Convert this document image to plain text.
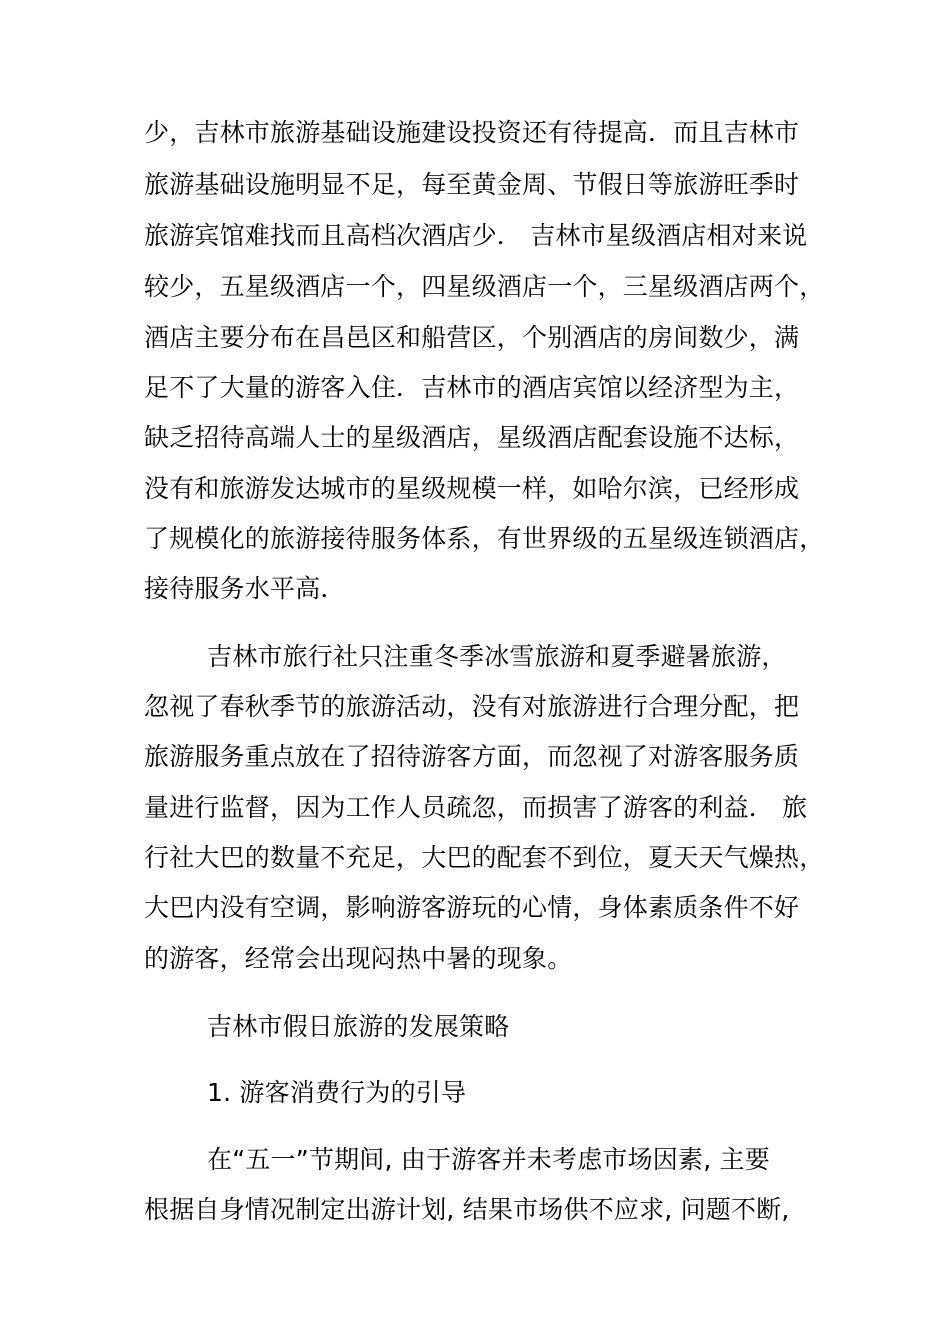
少，吉林市旅游基础设施建设投资还有待提高．而且吉林市
旅游基础设施明显不足，每至黄金周、节假日等旅游旺季时
旅游宾馆难找而且高档次酒店少． 吉林市星级酒店相对来说
较少，五星级酒店一个，四星级酒店一个，三星级酒店两个，
酒店主要分布在昌邑区和船营区，个别酒店的房间数少，满
足不了大量的游客入住．吉林市的酒店宾馆以经济型为主，
缺乏招待高端人士的星级酒店，星级酒店配套设施不达标，
没有和旅游发达城市的星级规模一样，如哈尔滨，已经形成
了规模化的旅游接待服务体系，有世界级的五星级连锁酒店，
接待服务水平高．
吉林市旅行社只注重冬季冰雪旅游和夏季避暑旅游，
忽视了春秋季节的旅游活动，没有对旅游进行合理分配，把
旅游服务重点放在了招待游客方面，而忽视了对游客服务质
量进行监督，因为工作人员疏忽，而损害了游客的利益． 旅
行社大巴的数量不充足，大巴的配套不到位，夏天天气燥热，
大巴内没有空调，影响游客游玩的心情，身体素质条件不好
的游客，经常会出现闷热中暑的现象。
吉林市假日旅游的发展策略
1. 游客消费行为的引导
在“五一”节期间, 由于游客并未考虑市场因素, 主要
根据自身情况制定出游计划, 结果市场供不应求, 问题不断,
